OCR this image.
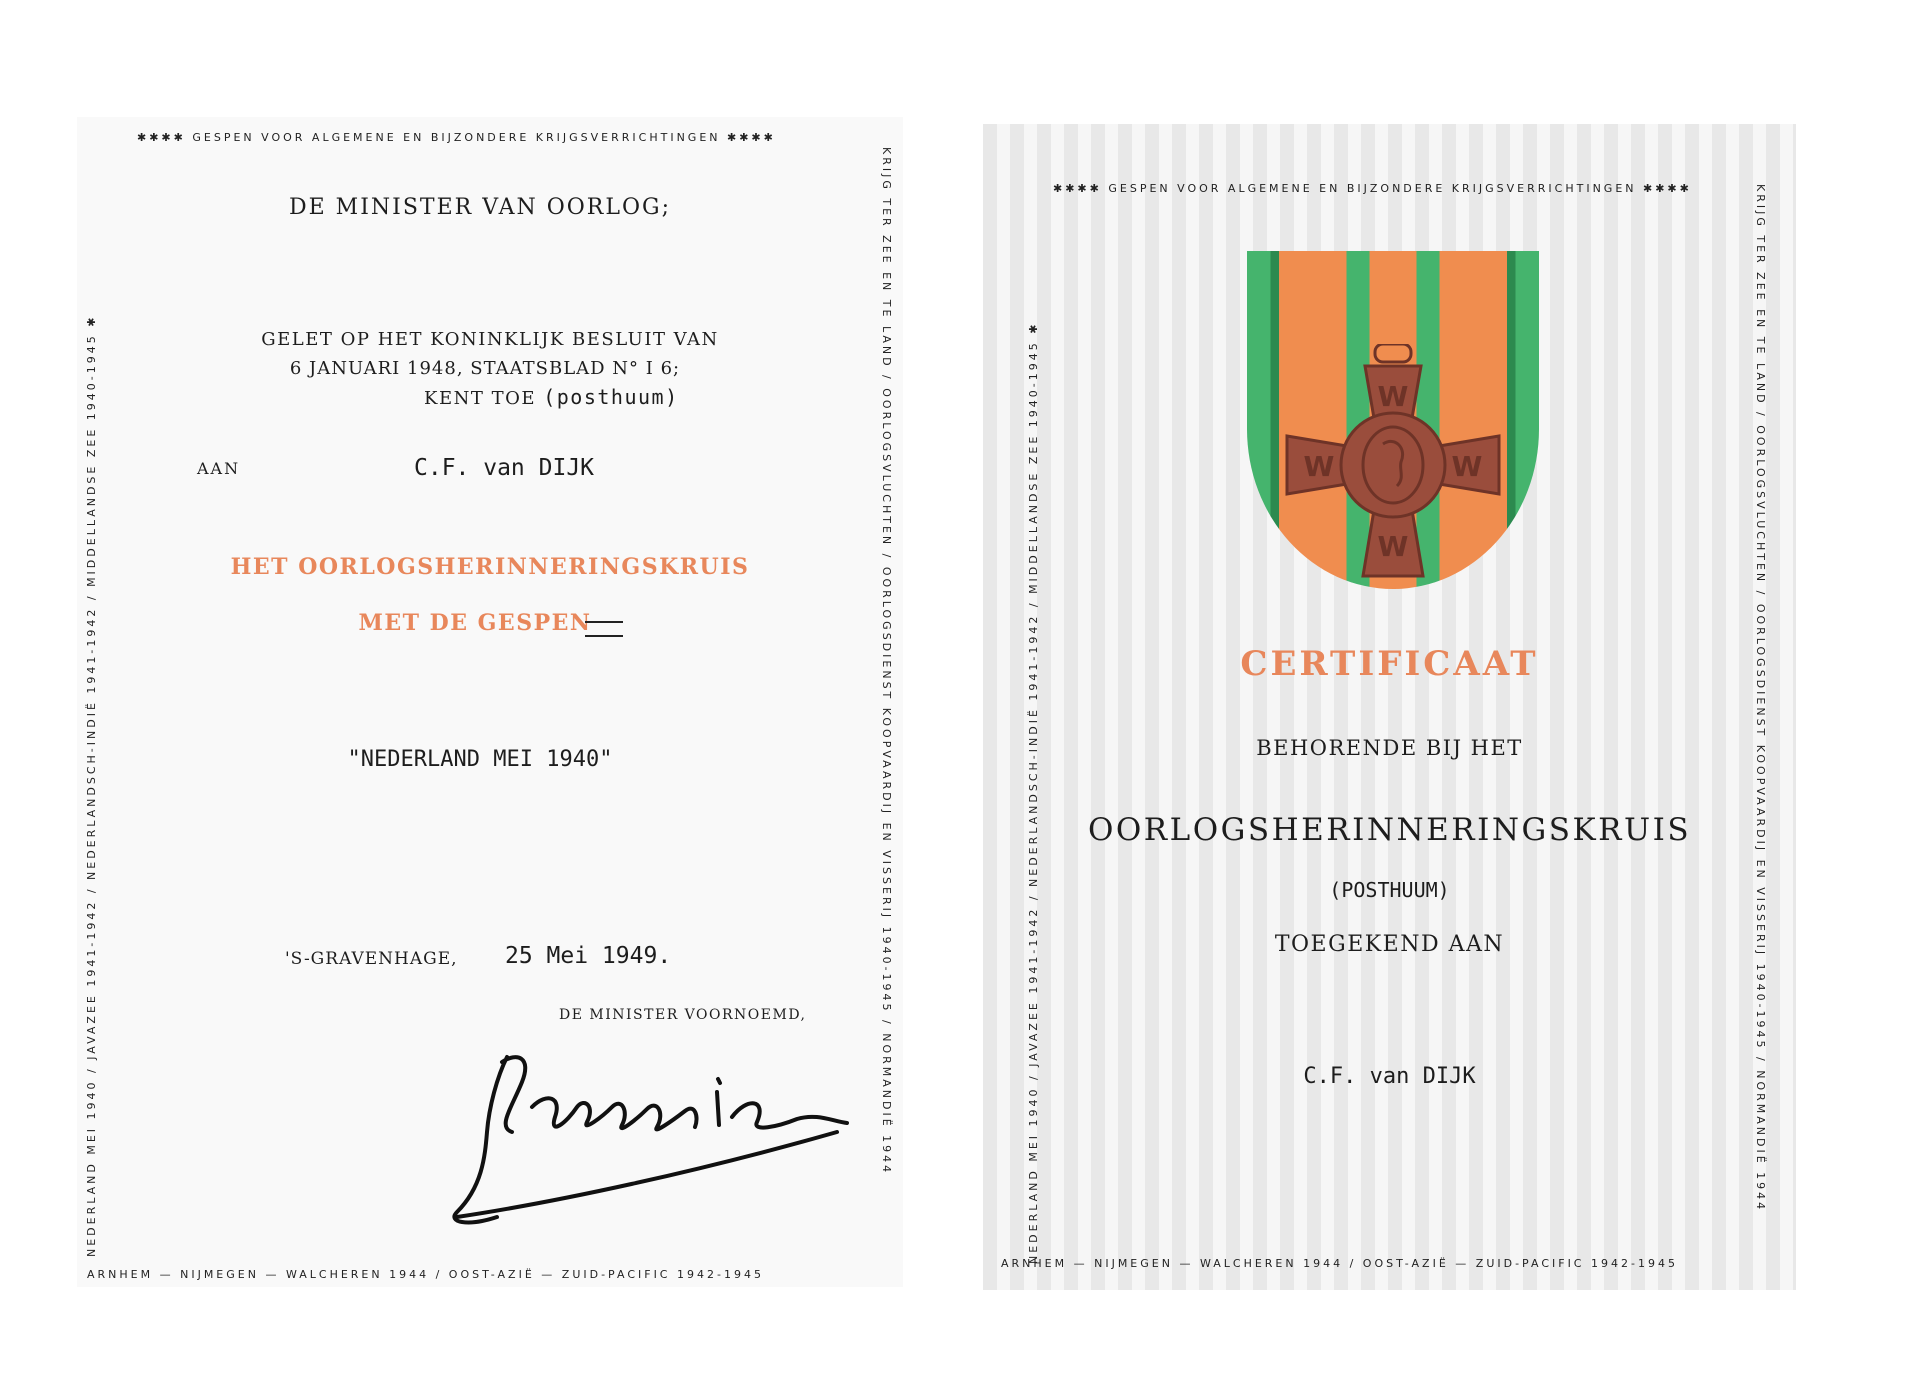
✱✱✱✱ GESPEN VOOR ALGEMENE EN BIJZONDERE KRIJGSVERRICHTINGEN ✱✱✱✱
NEDERLAND MEI 1940 / JAVAZEE 1941-1942 / NEDERLANDSCH-INDIË 1941-1942 / MIDDELLANDSE ZEE 1940-1945 ✱	KRIJG TER ZEE EN TE LAND / OORLOGSVLUCHTEN / OORLOGSDIENST KOOPVAARDIJ EN VISSERIJ 1940-1945 / NORMANDIË 1944
ARNHEM — NIJMEGEN — WALCHEREN 1944 / OOST-AZIË — ZUID-PACIFIC 1942-1945
DE MINISTER VAN OORLOG;
GELET OP HET KONINKLIJK BESLUIT VAN
6 JANUARI 1948, STAATSBLAD N° I 6;
KENT TOE (posthuum)
AAN	C.F. van DIJK
HET OORLOGSHERINNERINGSKRUIS
MET DE GESPEN
"NEDERLAND MEI 1940"
'S-GRAVENHAGE, 25 Mei 1949.
DE MINISTER VOORNOEMD,
✱✱✱✱ GESPEN VOOR ALGEMENE EN BIJZONDERE KRIJGSVERRICHTINGEN ✱✱✱✱
NEDERLAND MEI 1940 / JAVAZEE 1941-1942 / NEDERLANDSCH-INDIË 1941-1942 / MIDDELLANDSE ZEE 1940-1945 ✱	KRIJG TER ZEE EN TE LAND / OORLOGSVLUCHTEN / OORLOGSDIENST KOOPVAARDIJ EN VISSERIJ 1940-1945 / NORMANDIË 1944
ARNHEM — NIJMEGEN — WALCHEREN 1944 / OOST-AZIË — ZUID-PACIFIC 1942-1945
W
W
W	W
CERTIFICAAT
BEHORENDE BIJ HET
OORLOGSHERINNERINGSKRUIS
(POSTHUUM)
TOEGEKEND AAN
C.F. van DIJK
